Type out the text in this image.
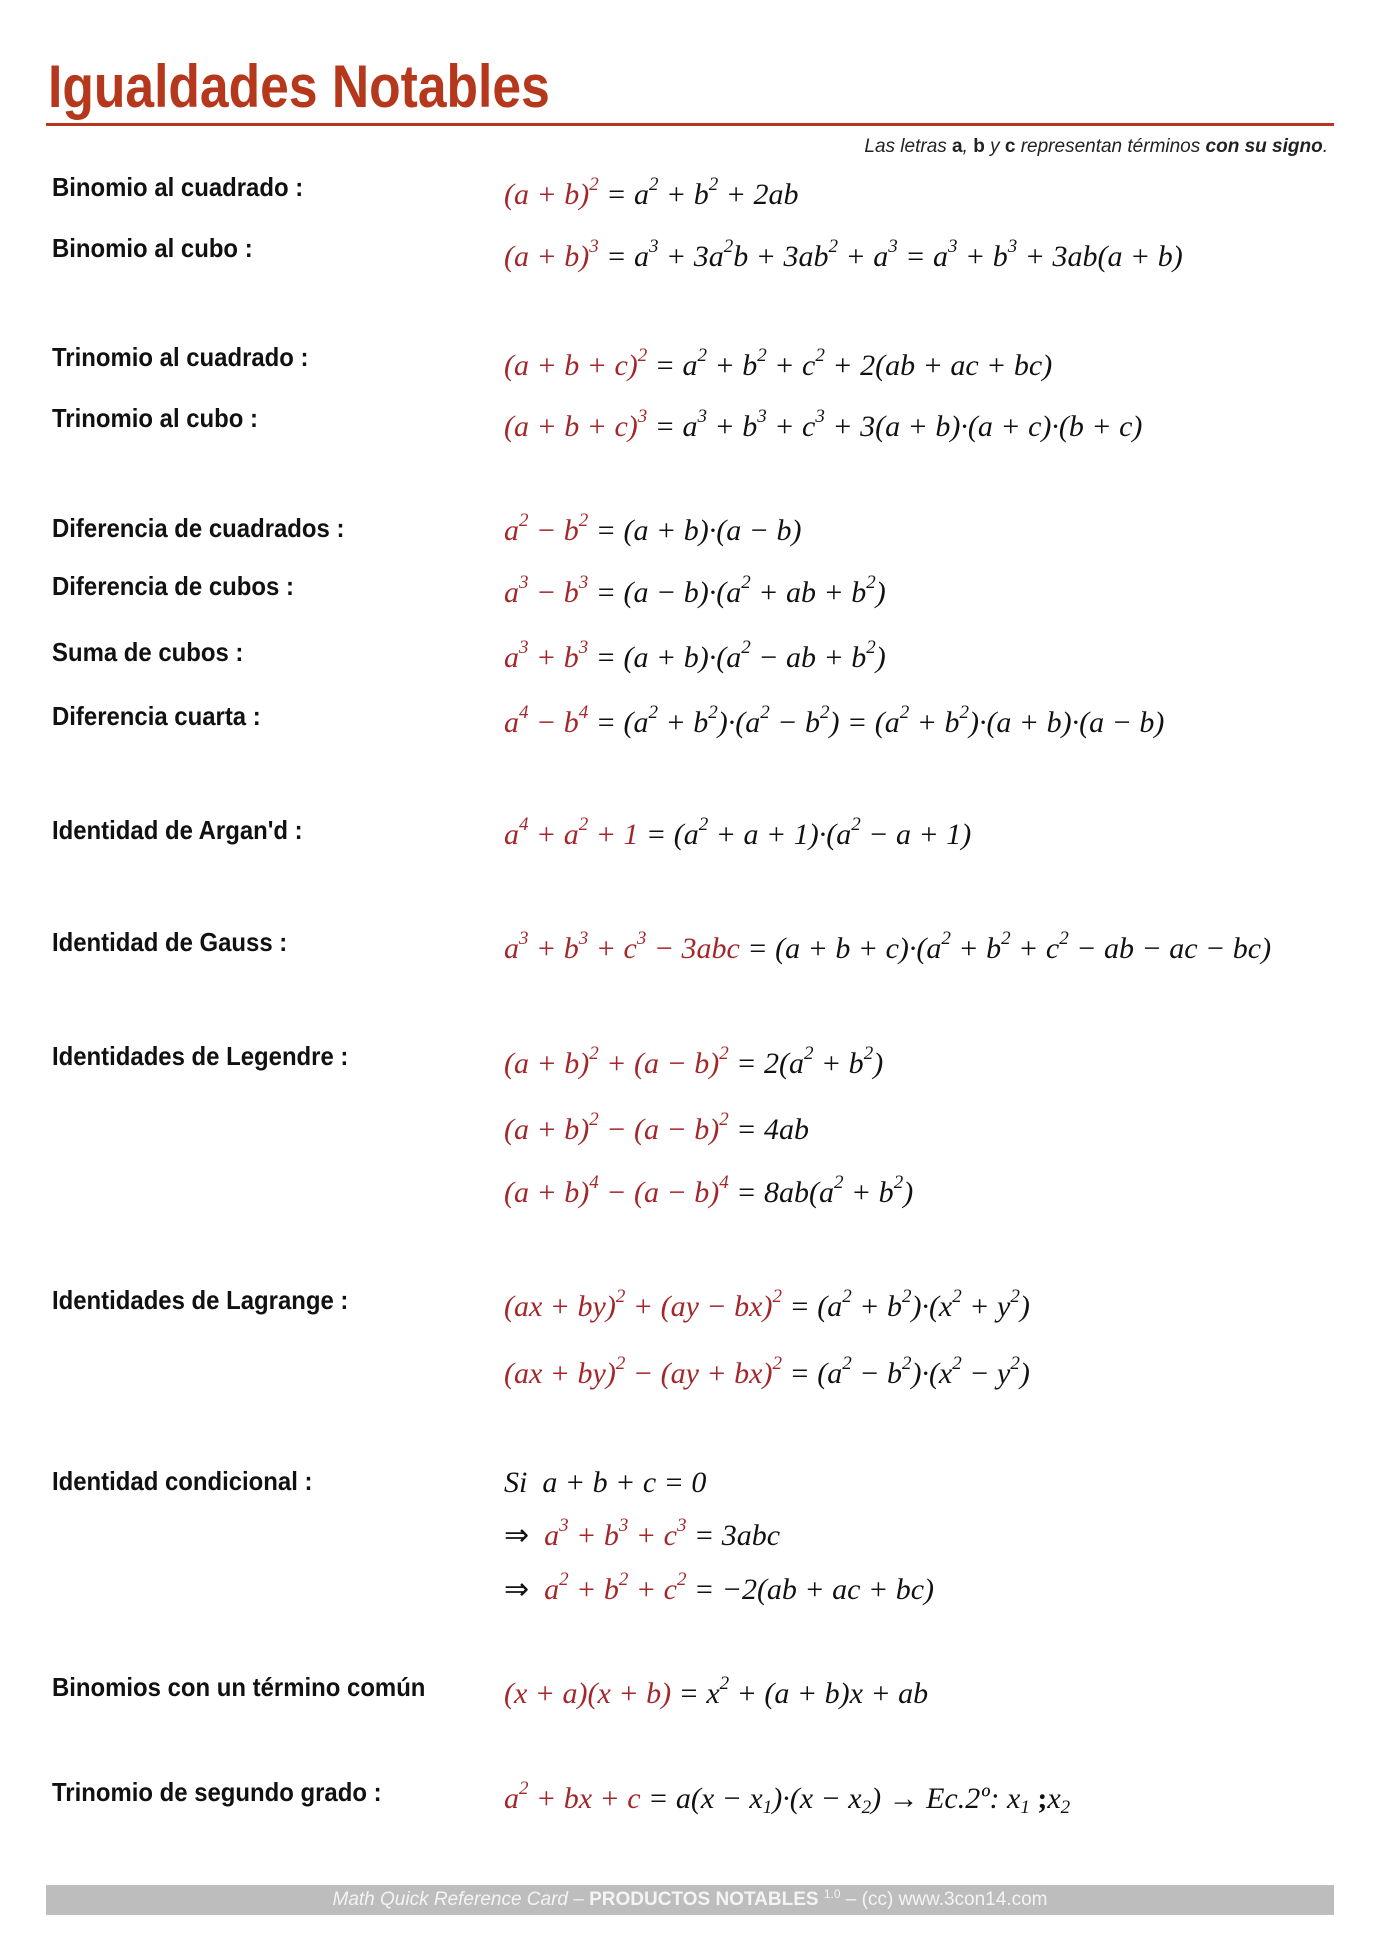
Igualdades Notables
Las letras a, b y c representan términos con su signo.
Binomio al cuadrado :
Binomio al cubo :
Trinomio al cuadrado :
Trinomio al cubo :
Diferencia de cuadrados :
Diferencia de cubos :
Suma de cubos :
Diferencia cuarta :
Identidad de Argan'd :
Identidad de Gauss :
Identidades de Legendre :
Identidades de Lagrange :
Identidad condicional :
Binomios con un término común
Trinomio de segundo grado :
$(a + b)^2 = a^2 + b^2 + 2ab$
$(a + b)^3 = a^3 + 3a^2b + 3ab^2 + a^3 = a^3 + b^3 + 3ab(a + b)$
$(a + b + c)^2 = a^2 + b^2 + c^2 + 2(ab$ + ac + bc)
$(a + b + c)^3 = a^3 + b^3 + c^3 + 3(a + b)\cdot(a + c)\cdot(b + c)$
$a^2 - b^2 = (a + b)\cdot(a - b)$
$a^3 - b^3 = (a - b)\cdot(a^2$ + ab + $b^2$)
$a^3 + b^3 = (a + b)\cdot(a^2$ − ab + $b^2$)
$a^4 - b^4 = (a^2 + b^2)\cdot(a^2 - b^2) = (a^2 + b^2)\cdot(a + b)\cdot(a - b)$
$a^4 + a^2 + 1 = (a^2 + a + 1)\cdot(a^2 - a + 1)$
$a^3 + b^3 + c^3 - 3abc = (a + b + c)\cdot(a^2 + b^2 + c^2$ − ab − ac − bc)
$(a + b)^2 + (a - b)^2 = 2(a^2 + b^2)$
$(a + b)^2 - (a - b)^2 = 4ab$
$(a + b)^4 - (a - b)^4 = 8ab(a^2 + b^2)$
$(ax + by)^2 + (ay - bx)^2 = (a^2 + b^2)\cdot(x^2 + y^2)$
$(ax + by)^2 - (ay + bx)^2 = (a^2 - b^2)\cdot(x^2 - y^2)$
Si  a + b + c = 0
⇒ $a^3 + b^3 + c^3 = 3abc$
⇒ $a^2 + b^2 + c^2 = -2(ab$ + ac + bc)
$(x + a)(x + b) = x^2 + (a + b)x$ + ab
$a^2$ + bx + $c = a(x - x_1)\cdot(x - x_2)$ → Ec.2º: $x_1$ $;x_2$
Math Quick Reference Card – PRODUCTOS NOTABLES $^{1.0}$ – (cc) www.3con14.com
